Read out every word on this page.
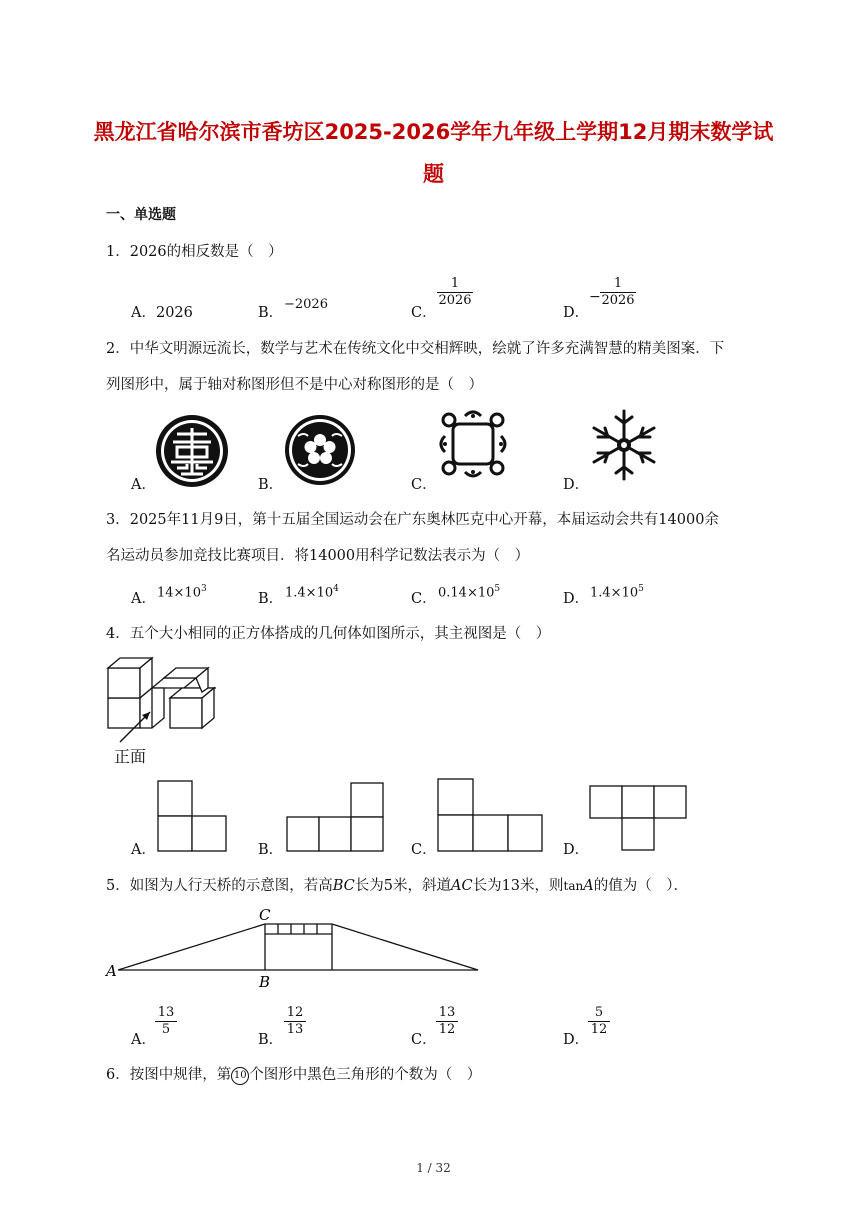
黑龙江省哈尔滨市香坊区2025-2026学年九年级上学期12月期末数学试
题
一、单选题
1．2026的相反数是（　）
A．2026	B．
−2026
C．
$\frac{1}{2026}$
D．
− $\frac{1}{2026}$
2．中华文明源远流长，数学与艺术在传统文化中交相辉映，绘就了许多充满智慧的精美图案．下
列图形中，属于轴对称图形但不是中心对称图形的是（　）
A．	B．	C．	D．
3．2025年11月9日，第十五届全国运动会在广东奥林匹克中心开幕，本届运动会共有14000余
名运动员参加竞技比赛项目．将14000用科学记数法表示为（　）
A． $14\times 10^3$
B． $1.4\times 10^4$
C． $0.14\times 10^5$
D． $1.4\times 10^5$
4．五个大小相同的正方体搭成的几何体如图所示，其主视图是（　）
正面
A．	B．	C．	D．
5．如图为人行天桥的示意图，若高BC长为5米，斜道AC长为13米，则tanA的值为（　）．
A
C
B
A．
$\frac{13}{5}$
B．
$\frac{12}{13}$
C．
$\frac{13}{12}$
D．
$\frac{5}{12}$
6．按图中规律，第 10 个图形中黑色三角形的个数为（　）
1 / 32
